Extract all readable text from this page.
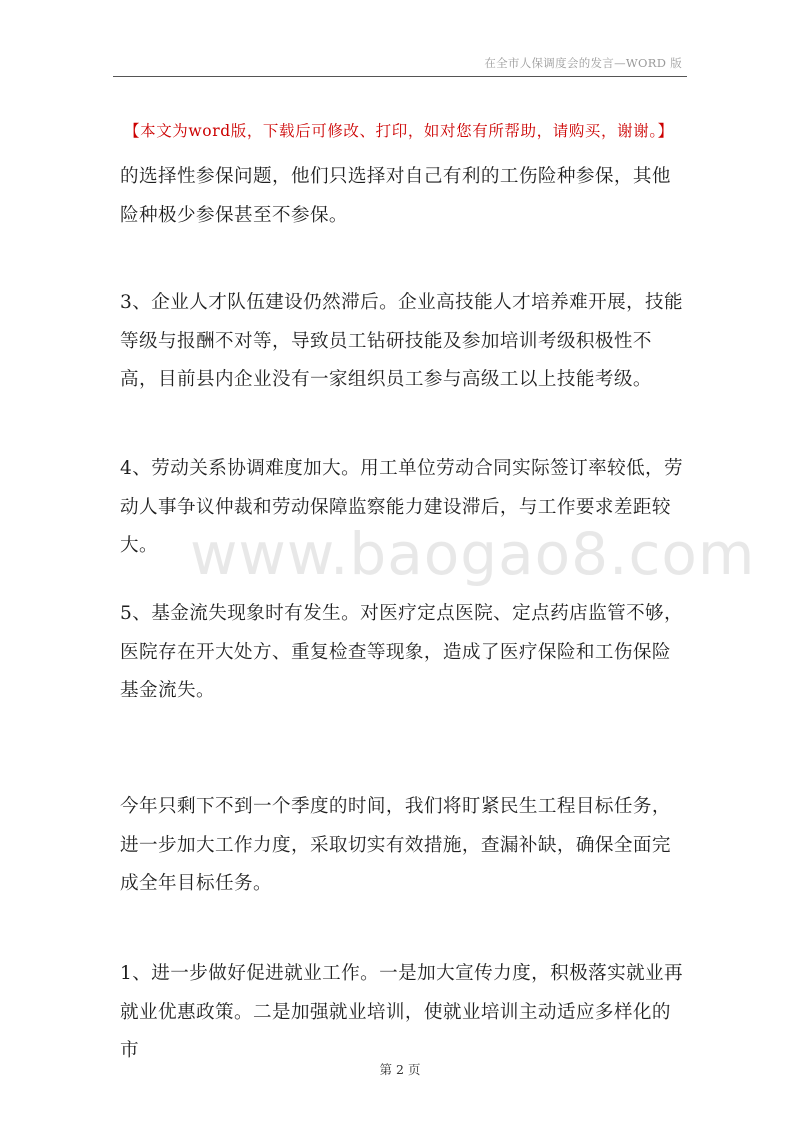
在全市人保调度会的发言—WORD 版
【本文为word版，下载后可修改、打印，如对您有所帮助，请购买，谢谢。】
的选择性参保问题，他们只选择对自己有利的工伤险种参保，其他险种极少参保甚至不参保。
3、企业人才队伍建设仍然滞后。企业高技能人才培养难开展，技能等级与报酬不对等，导致员工钻研技能及参加培训考级积极性不高，目前县内企业没有一家组织员工参与高级工以上技能考级。
4、劳动关系协调难度加大。用工单位劳动合同实际签订率较低，劳动人事争议仲裁和劳动保障监察能力建设滞后，与工作要求差距较大。
5、基金流失现象时有发生。对医疗定点医院、定点药店监管不够，医院存在开大处方、重复检查等现象，造成了医疗保险和工伤保险基金流失。
今年只剩下不到一个季度的时间，我们将盯紧民生工程目标任务，进一步加大工作力度，采取切实有效措施，查漏补缺，确保全面完成全年目标任务。
1、进一步做好促进就业工作。一是加大宣传力度，积极落实就业再就业优惠政策。二是加强就业培训，使就业培训主动适应多样化的市
www.baogao8.com
第 2 页
